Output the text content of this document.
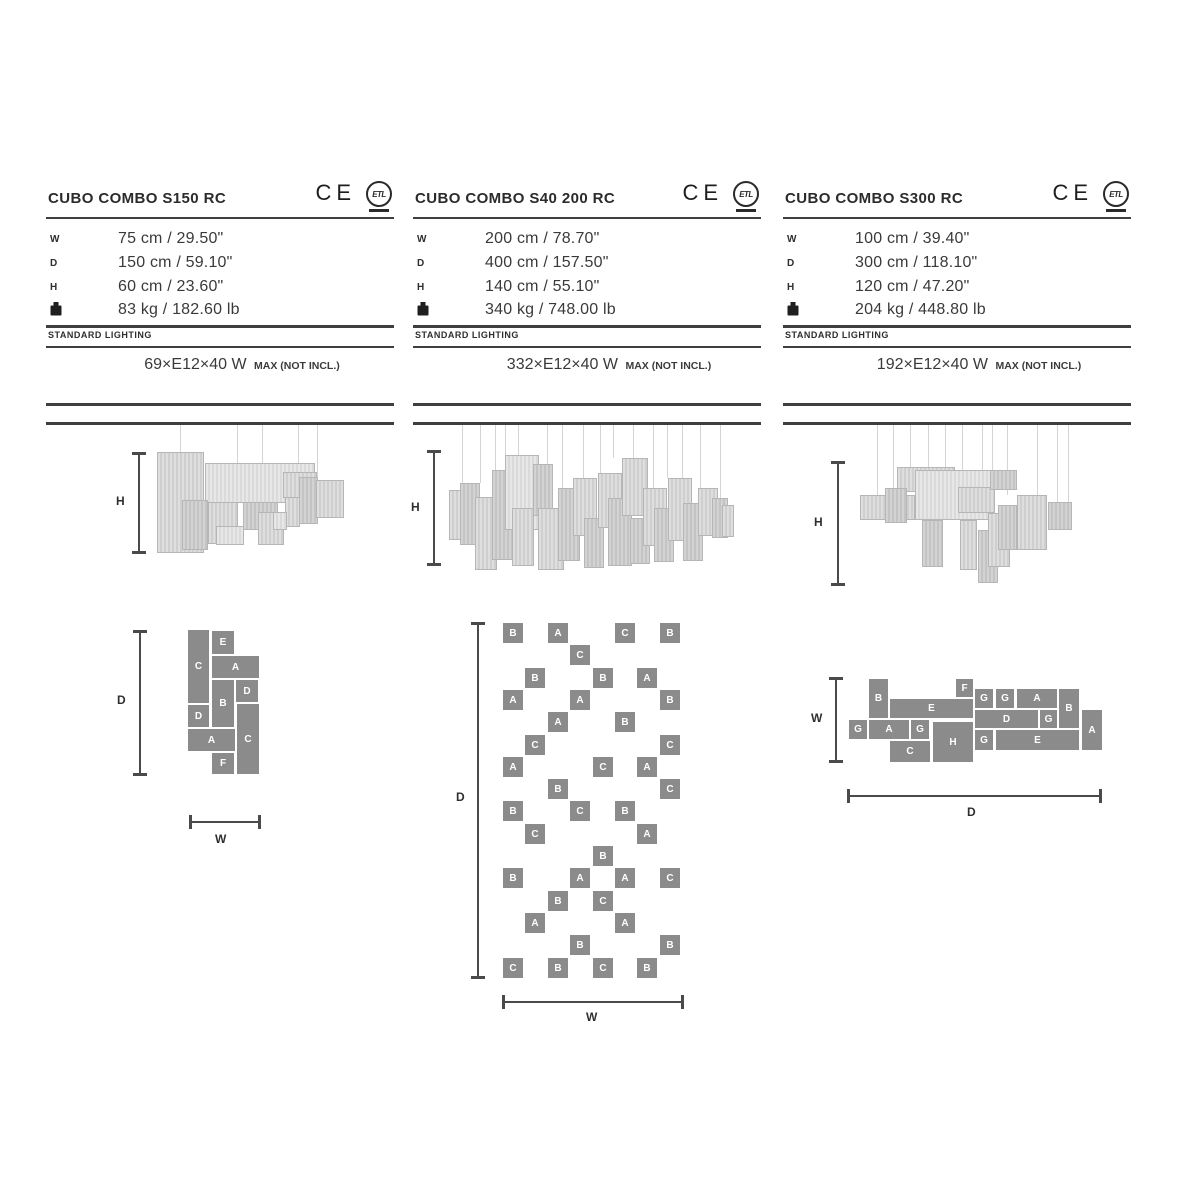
H
C
E
A
B
D
D
A	C
F
D
W
H
B	A	C	B
C
B	B	A
A	A	B
A	B
C	C
A	C	A
B	C
B	C	B
C	A
B
B	A	A	C
B	C
A	A
B	B
C	B	C	B
D
W
H
B
F
E
G	A	G
H
C
G	G	A
B
D	G
A
G	E
W
D
CUBO COMBO S150 RC	CE	ETL
W	75 cm / 29.50"
D	150 cm / 59.10"
H	60 cm / 23.60"
83 kg / 182.60 lb
STANDARD LIGHTING
69×E12×40 W MAX (NOT INCL.)
CUBO COMBO S40 200 RC	CE	ETL
W	200 cm / 78.70"
D	400 cm / 157.50"
H	140 cm / 55.10"
340 kg / 748.00 lb
STANDARD LIGHTING
332×E12×40 W MAX (NOT INCL.)
CUBO COMBO S300 RC	CE	ETL
W	100 cm / 39.40"
D	300 cm / 118.10"
H	120 cm / 47.20"
204 kg / 448.80 lb
STANDARD LIGHTING
192×E12×40 W MAX (NOT INCL.)
